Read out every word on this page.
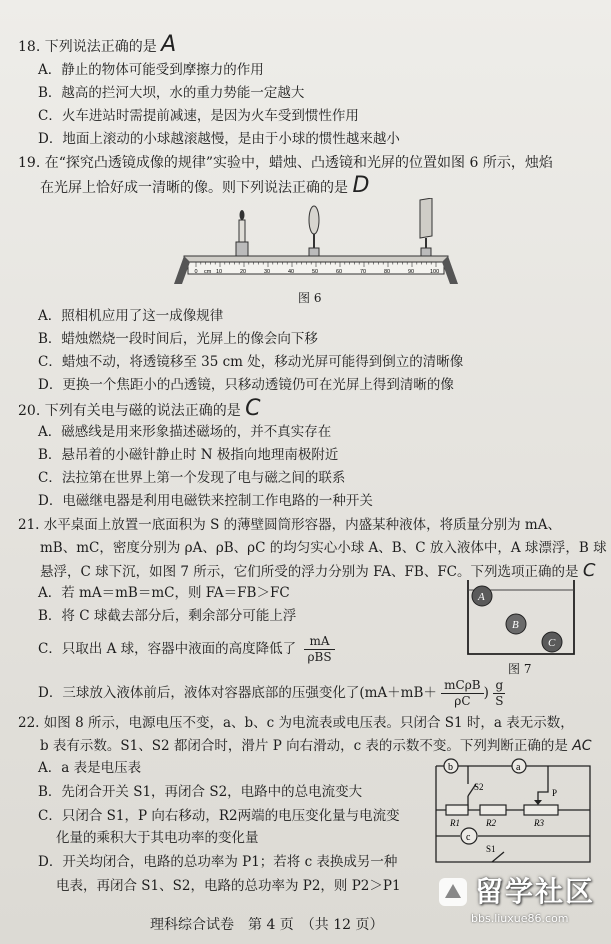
18. 下列说法正确的是 A
A．静止的物体可能受到摩擦力的作用
B．越高的拦河大坝，水的重力势能一定越大
C．火车进站时需提前减速，是因为火车受到惯性作用
D．地面上滚动的小球越滚越慢，是由于小球的惯性越来越小
19. 在“探究凸透镜成像的规律”实验中，蜡烛、凸透镜和光屏的位置如图 6 所示，烛焰
在光屏上恰好成一清晰的像。则下列说法正确的是 D
0 cm 10	20	30	40	50	60	70	80	90	100
图 6
A．照相机应用了这一成像规律
B．蜡烛燃烧一段时间后，光屏上的像会向下移
C．蜡烛不动，将透镜移至 35 cm 处，移动光屏可能得到倒立的清晰像
D．更换一个焦距小的凸透镜，只移动透镜仍可在光屏上得到清晰的像
20. 下列有关电与磁的说法正确的是 C
A．磁感线是用来形象描述磁场的，并不真实存在
B．悬吊着的小磁针静止时 N 极指向地理南极附近
C．法拉第在世界上第一个发现了电与磁之间的联系
D．电磁继电器是利用电磁铁来控制工作电路的一种开关
21. 水平桌面上放置一底面积为 S 的薄壁圆筒形容器，内盛某种液体，将质量分别为 mA、
mB、mC，密度分别为 ρA、ρB、ρC 的均匀实心小球 A、B、C 放入液体中，A 球漂浮，B 球
悬浮，C 球下沉，如图 7 所示，它们所受的浮力分别为 FA、FB、FC。下列选项正确的是 C
A．若 mA＝mB＝mC，则 FA＝FB＞FC
B．将 C 球截去部分后，剩余部分可能上浮
C．只取出 A 球，容器中液面的高度降低了	mA
ρBS
D．三球放入液体前后，液体对容器底部的压强变化了(mA＋mB＋ mCρB
ρC ) $\frac{g}{S}$
A
B
C
图 7
22. 如图 8 所示，电源电压不变，a、b、c 为电流表或电压表。只闭合 S1 时，a 表无示数，
b 表有示数。S1、S2 都闭合时，滑片 P 向右滑动，c 表的示数不变。下列判断正确的是 AC
A．a 表是电压表
B．先闭合开关 S1，再闭合 S2，电路中的总电流变大
C．只闭合 S1，P 向右移动，R2两端的电压变化量与电流变
化量的乘积大于其电功率的变化量
D．开关均闭合，电路的总功率为 P1；若将 c 表换成另一种
电表，再闭合 S1、S2，电路的总功率为 P2，则 P2＞P1
b	a
c
S2
P
R1	R2	R3
S1
理科综合试卷　第 4 页　（共 12 页）
留学社区
bbs.liuxue86.com
